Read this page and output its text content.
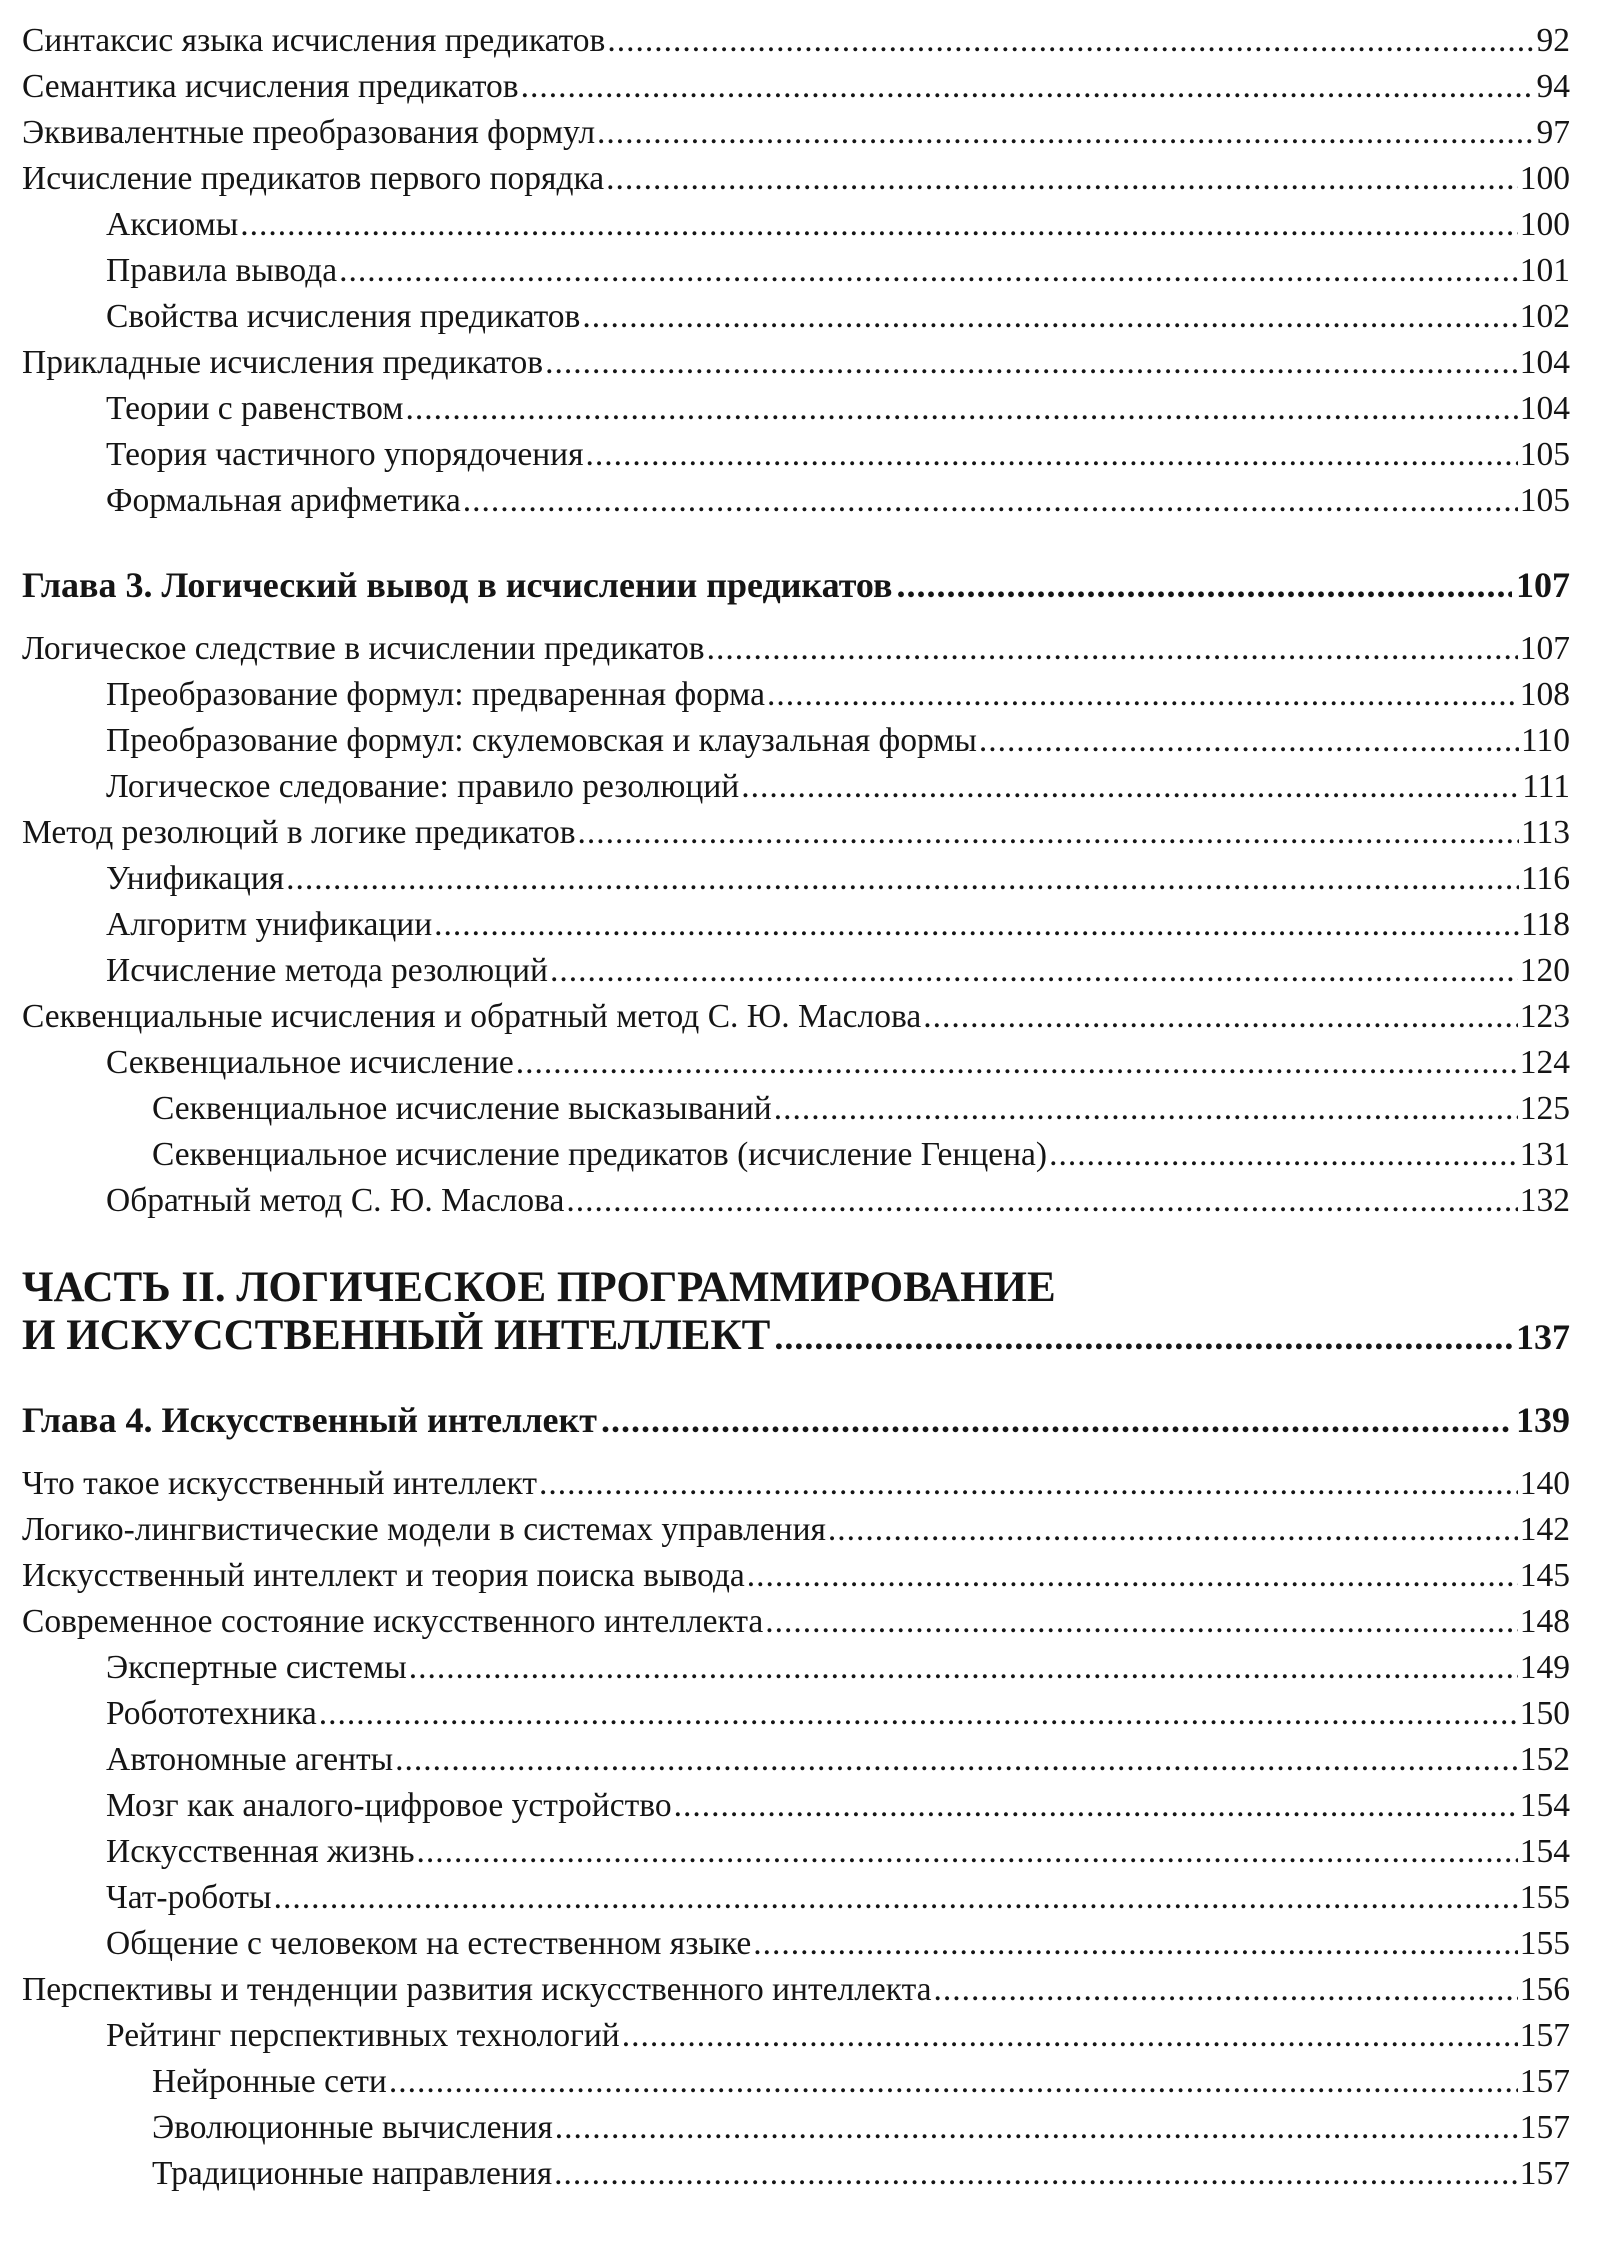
Синтаксис языка исчисления предикатов .....	92
Семантика исчисления предикатов .....	94
Эквивалентные преобразования формул .....	97
Исчисление предикатов первого порядка .....	100
Аксиомы .....	100
Правила вывода .....	101
Свойства исчисления предикатов .....	102
Прикладные исчисления предикатов .....	104
Теории с равенством .....	104
Теория частичного упорядочения .....	105
Формальная арифметика .....	105
Глава 3. Логический вывод в исчислении предикатов .....	107
Логическое следствие в исчислении предикатов .....	107
Преобразование формул: предваренная форма .....	108
Преобразование формул: скулемовская и клаузальная формы .....	110
Логическое следование: правило резолюций .....	111
Метод резолюций в логике предикатов .....	113
Унификация .....	116
Алгоритм унификации .....	118
Исчисление метода резолюций .....	120
Секвенциальные исчисления и обратный метод С. Ю. Маслова .....	123
Секвенциальное исчисление .....	124
Секвенциальное исчисление высказываний .....	125
Секвенциальное исчисление предикатов (исчисление Генцена) .....	131
Обратный метод С. Ю. Маслова .....	132
ЧАСТЬ II. ЛОГИЧЕСКОЕ ПРОГРАММИРОВАНИЕ
И ИСКУССТВЕННЫЙ ИНТЕЛЛЕКТ .....	137
Глава 4. Искусственный интеллект .....	139
Что такое искусственный интеллект .....	140
Логико-лингвистические модели в системах управления .....	142
Искусственный интеллект и теория поиска вывода .....	145
Современное состояние искусственного интеллекта .....	148
Экспертные системы .....	149
Робототехника .....	150
Автономные агенты .....	152
Мозг как аналого-цифровое устройство .....	154
Искусственная жизнь .....	154
Чат-роботы .....	155
Общение с человеком на естественном языке .....	155
Перспективы и тенденции развития искусственного интеллекта .....	156
Рейтинг перспективных технологий .....	157
Нейронные сети .....	157
Эволюционные вычисления .....	157
Традиционные направления .....	157
